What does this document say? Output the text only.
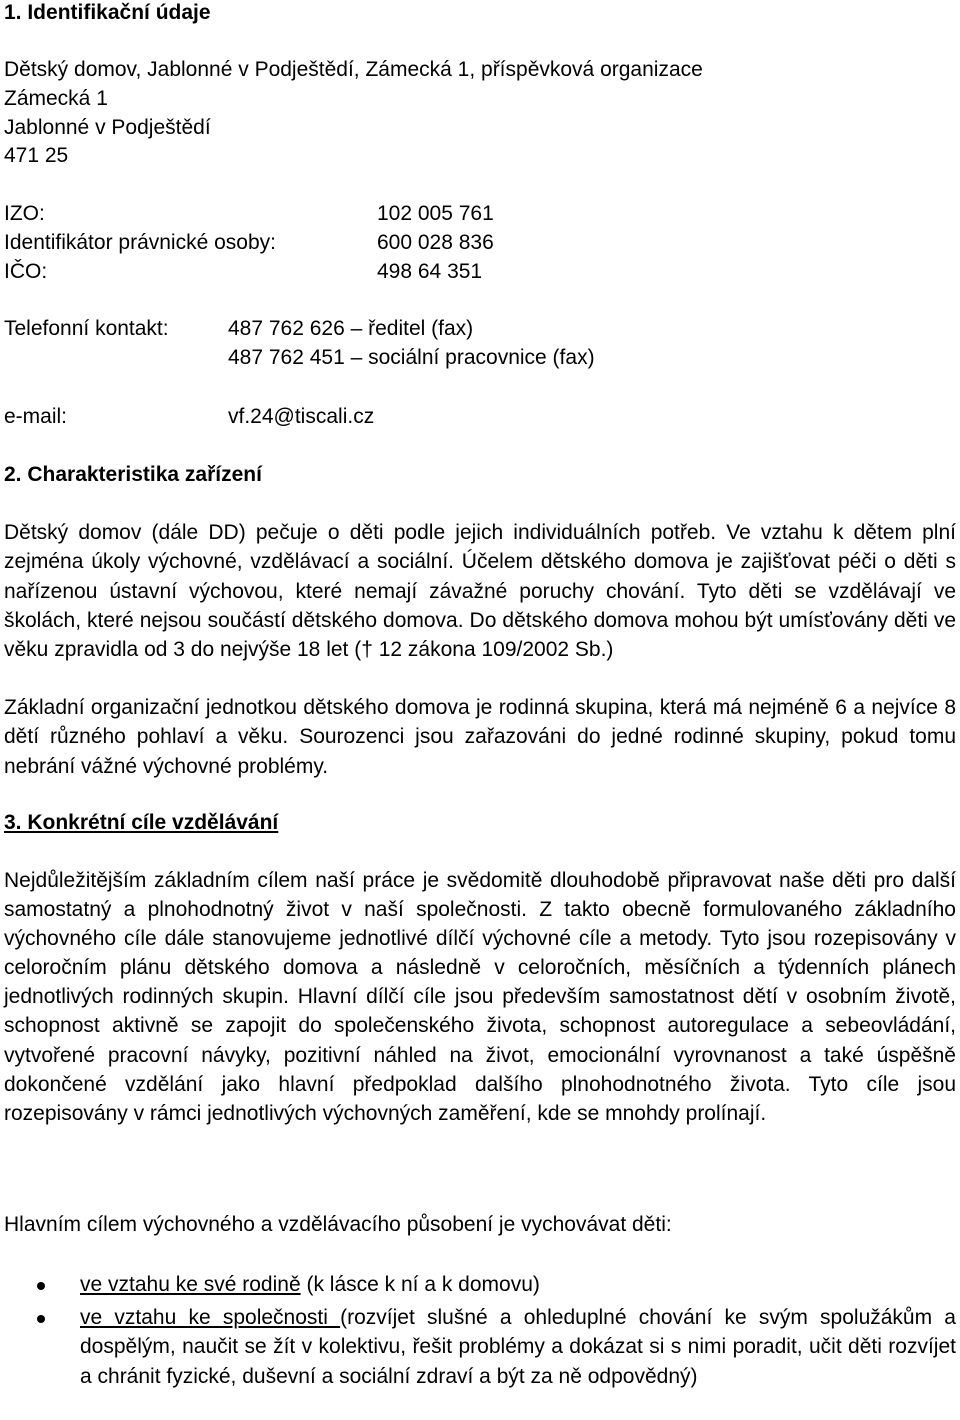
1. Identifikační údaje

Dětský domov, Jablonné v Podještědí, Zámecká 1, příspěvková organizace

Zámecká 1

Jablonné v Podještědí

471 25

IZO:	102 005 761
Identifikátor právnické osoby:	600 028 836
IČO:	498 64 351
Telefonní kontakt:	487 762 626 – ředitel (fax)
487 762 451 – sociální pracovnice (fax)
e-mail:	vf.24@tiscali.cz
2. Charakteristika zařízení

Dětský domov (dále DD) pečuje o děti podle jejich individuálních potřeb. Ve vztahu k dětem plní zejména úkoly výchovné, vzdělávací a sociální. Účelem dětského domova je zajišťovat péči o děti s nařízenou ústavní výchovou, které nemají závažné poruchy chování. Tyto děti se vzdělávají ve školách, které nejsou součástí dětského domova. Do dětského domova mohou být umísťovány děti ve věku zpravidla od 3 do nejvýše 18 let († 12 zákona 109/2002 Sb.)

Základní organizační jednotkou dětského domova je rodinná skupina, která má nejméně 6 a nejvíce 8 dětí různého pohlaví a věku. Sourozenci jsou zařazováni do jedné rodinné skupiny, pokud tomu nebrání vážné výchovné problémy.

3. Konkrétní cíle vzdělávání

Nejdůležitějším základním cílem naší práce je svědomitě dlouhodobě připravovat naše děti pro další samostatný a plnohodnotný život v naší společnosti. Z takto obecně formulovaného základního výchovného cíle dále stanovujeme jednotlivé dílčí výchovné cíle a metody. Tyto jsou rozepisovány v celoročním plánu dětského domova a následně v celoročních, měsíčních a týdenních plánech jednotlivých rodinných skupin. Hlavní dílčí cíle jsou především samostatnost dětí v osobním životě, schopnost aktivně se zapojit do společenského života, schopnost autoregulace a sebeovládání, vytvořené pracovní návyky, pozitivní náhled na život, emocionální vyrovnanost a také úspěšně dokončené vzdělání jako hlavní předpoklad dalšího plnohodnotného života. Tyto cíle jsou rozepisovány v rámci jednotlivých výchovných zaměření, kde se mnohdy prolínají.

Hlavním cílem výchovného a vzdělávacího působení je vychovávat děti:

ve vztahu ke své rodině (k lásce k ní a k domovu)
ve vztahu ke společnosti (rozvíjet slušné a ohleduplné chování ke svým spolužákům a dospělým, naučit se žít v kolektivu, řešit problémy a dokázat si s nimi poradit, učit děti rozvíjet a chránit fyzické, duševní a sociální zdraví a být za ně odpovědný)
